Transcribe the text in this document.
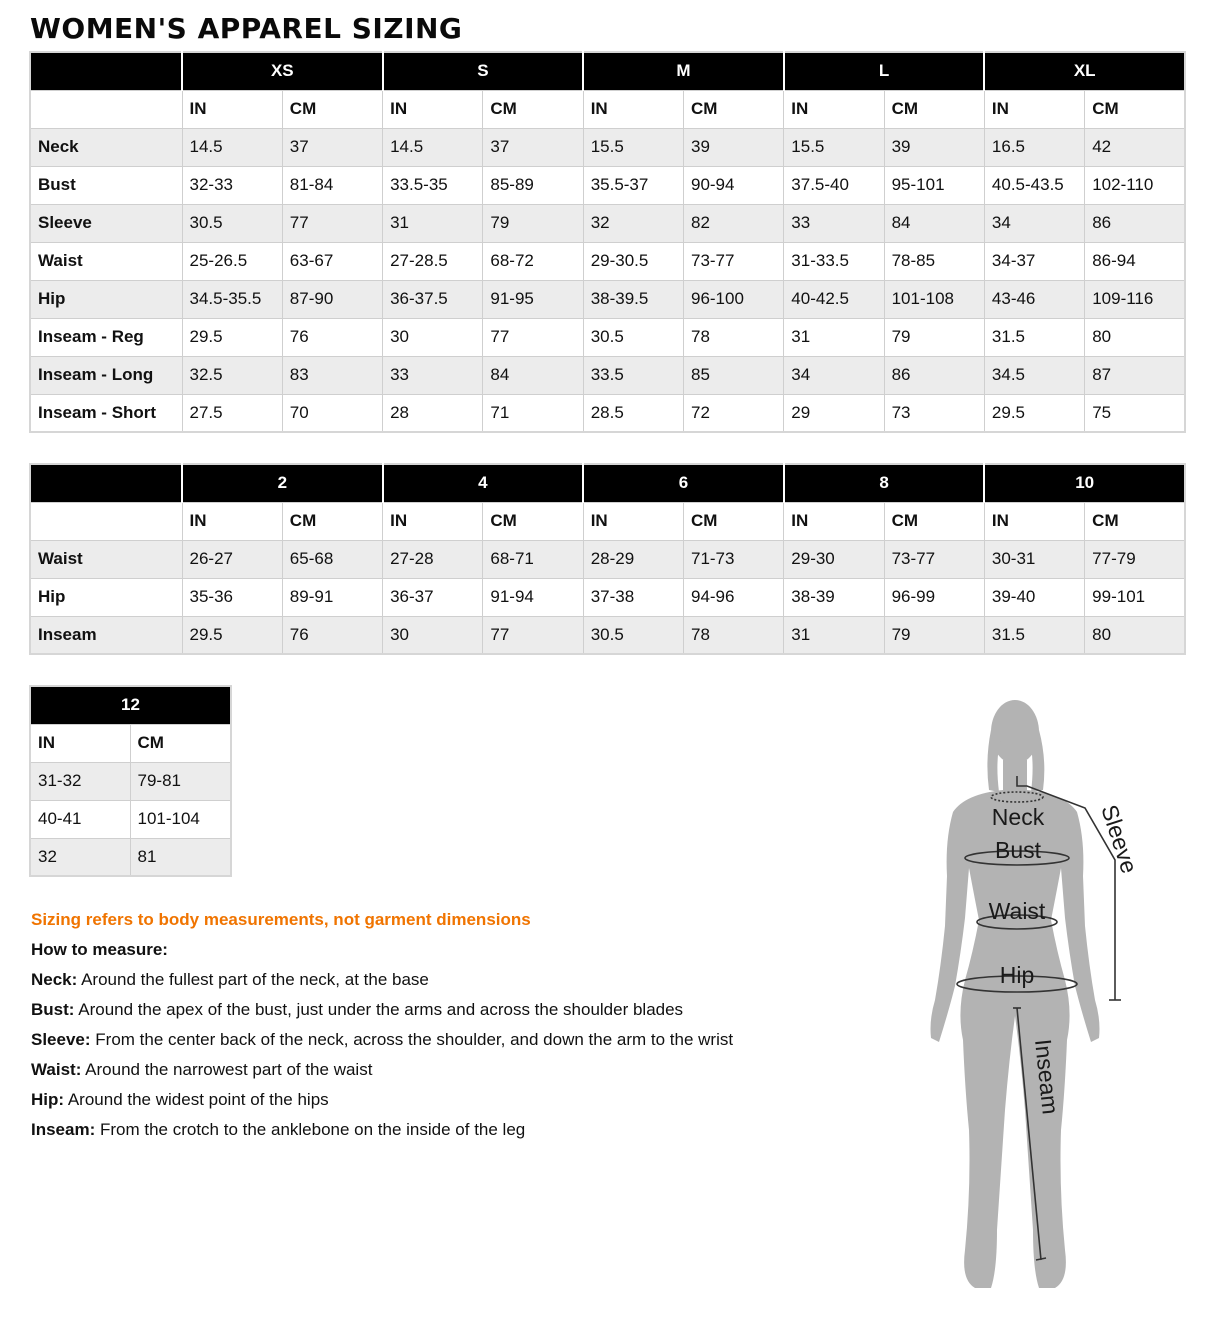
WOMEN'S APPAREL SIZING
	XS		S		M		L		XL	
	IN	CM	IN	CM	IN	CM	IN	CM	IN	CM
Neck	14.5	37	14.5	37	15.5	39	15.5	39	16.5	42
Bust	32-33	81-84	33.5-35	85-89	35.5-37	90-94	37.5-40	95-101	40.5-43.5	102-110
Sleeve	30.5	77	31	79	32	82	33	84	34	86
Waist	25-26.5	63-67	27-28.5	68-72	29-30.5	73-77	31-33.5	78-85	34-37	86-94
Hip	34.5-35.5	87-90	36-37.5	91-95	38-39.5	96-100	40-42.5	101-108	43-46	109-116
Inseam - Reg	29.5	76	30	77	30.5	78	31	79	31.5	80
Inseam - Long	32.5	83	33	84	33.5	85	34	86	34.5	87
Inseam - Short	27.5	70	28	71	28.5	72	29	73	29.5	75
	2		4		6		8		10	
	IN	CM	IN	CM	IN	CM	IN	CM	IN	CM
Waist	26-27	65-68	27-28	68-71	28-29	71-73	29-30	73-77	30-31	77-79
Hip	35-36	89-91	36-37	91-94	37-38	94-96	38-39	96-99	39-40	99-101
Inseam	29.5	76	30	77	30.5	78	31	79	31.5	80
12	
IN	CM
31-32	79-81
40-41	101-104
32	81
Sizing refers to body measurements, not garment dimensions
How to measure:
Neck: Around the fullest part of the neck, at the base
Bust: Around the apex of the bust, just under the arms and across the shoulder blades
Sleeve: From the center back of the neck, across the shoulder, and down the arm to the wrist
Waist: Around the narrowest part of the waist
Hip: Around the widest point of the hips
Inseam: From the crotch to the anklebone on the inside of the leg
Neck
Bust
Waist
Hip
Sleeve
Inseam
